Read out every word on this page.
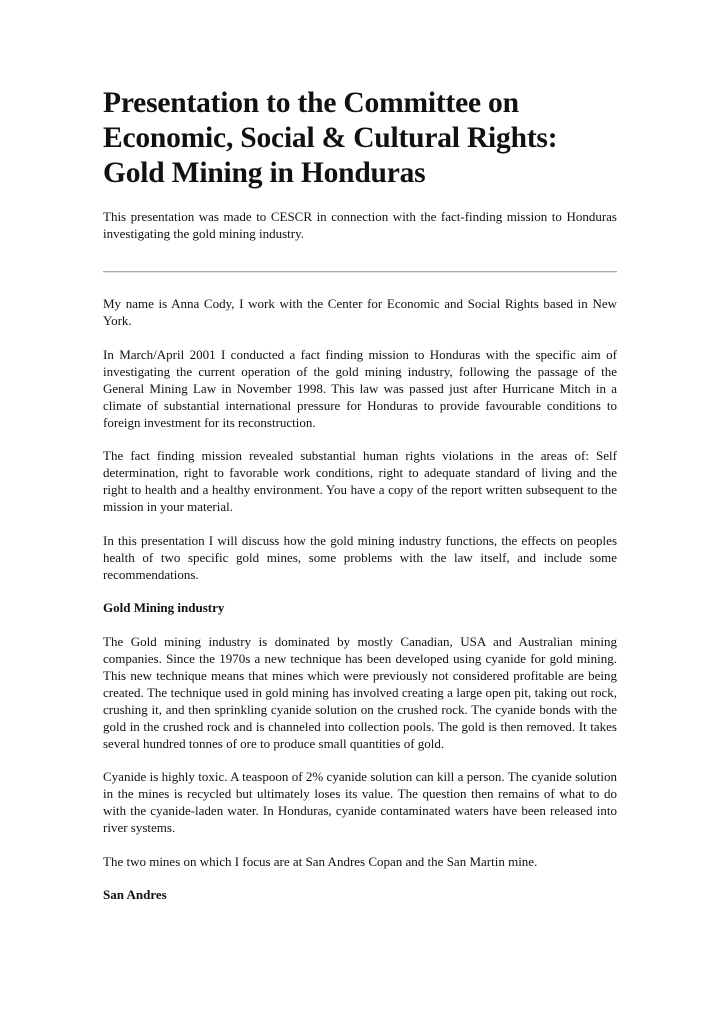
Presentation to the Committee on
Economic, Social & Cultural Rights:
Gold Mining in Honduras

This presentation was made to CESCR in connection with the fact-finding mission to Honduras investigating the gold mining industry.

My name is Anna Cody, I work with the Center for Economic and Social Rights based in New York.

In March/April 2001 I conducted a fact finding mission to Honduras with the specific aim of investigating the current operation of the gold mining industry, following the passage of the General Mining Law in November 1998. This law was passed just after Hurricane Mitch in a climate of substantial international pressure for Honduras to provide favourable conditions to foreign investment for its reconstruction.

The fact finding mission revealed substantial human rights violations in the areas of: Self determination, right to favorable work conditions, right to adequate standard of living and the right to health and a healthy environment. You have a copy of the report written subsequent to the mission in your material.

In this presentation I will discuss how the gold mining industry functions, the effects on peoples health of two specific gold mines, some problems with the law itself, and include some recommendations.

Gold Mining industry

The Gold mining industry is dominated by mostly Canadian, USA and Australian mining companies. Since the 1970s a new technique has been developed using cyanide for gold mining. This new technique means that mines which were previously not considered profitable are being created. The technique used in gold mining has involved creating a large open pit, taking out rock, crushing it, and then sprinkling cyanide solution on the crushed rock. The cyanide bonds with the gold in the crushed rock and is channeled into collection pools. The gold is then removed. It takes several hundred tonnes of ore to produce small quantities of gold.

Cyanide is highly toxic. A teaspoon of 2% cyanide solution can kill a person. The cyanide solution in the mines is recycled but ultimately loses its value. The question then remains of what to do with the cyanide-laden water. In Honduras, cyanide contaminated waters have been released into river systems.

The two mines on which I focus are at San Andres Copan and the San Martin mine.

San Andres
